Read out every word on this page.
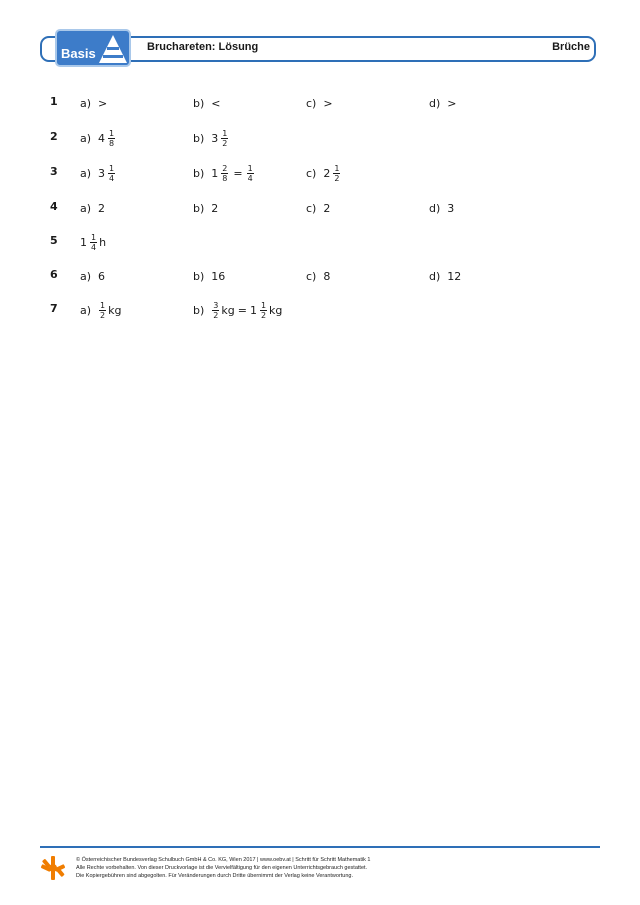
Basis	Bruchareten: Lösung	Brüche
1 a) >	b) <	c) >	d) >
2 a) $4 \frac{1}{8}$	b) $3 \frac{1}{2}$
3 a) $3 \frac{1}{4}$	b) $1 \frac{2}{8} = \frac{1}{4}$	c) $2 \frac{1}{2}$
4 a) 2	b) 2	c) 2	d) 3
5 $1 \frac{1}{4}$ h
6 a) 6	b) 16	c) 8	d) 12
7 $a) \frac{1}{2}$ kg	$b) \frac{3}{2}$ kg = $1 \frac{1}{2}$ kg
© Österreichischer Bundesverlag Schulbuch GmbH & Co. KG, Wien 2017 | www.oebv.at | Schritt für Schritt Mathematik 1
Alle Rechte vorbehalten. Von dieser Druckvorlage ist die Vervielfältigung für den eigenen Unterrichtsgebrauch gestattet.
Die Kopiergebühren sind abgegolten. Für Veränderungen durch Dritte übernimmt der Verlag keine Verantwortung.
